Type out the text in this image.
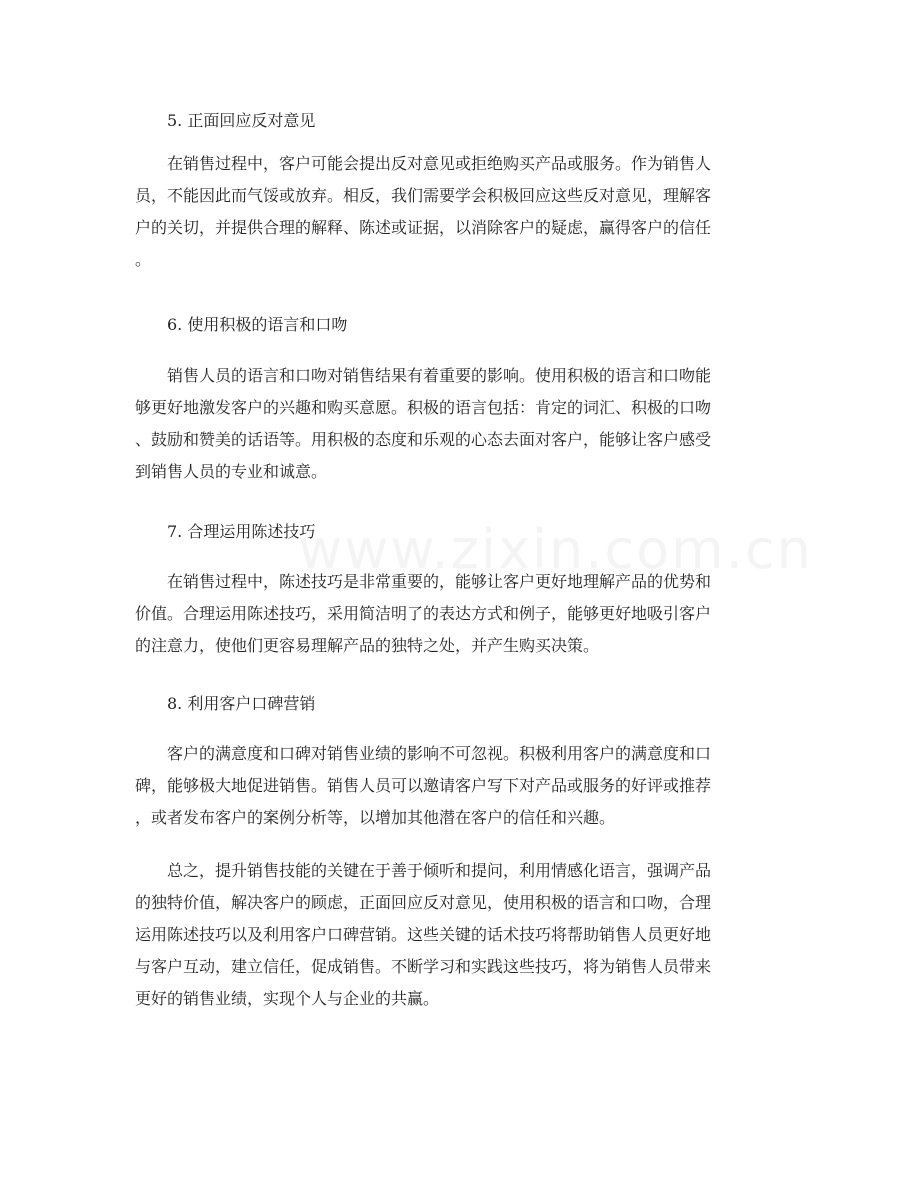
5. 正面回应反对意见
在销售过程中，客户可能会提出反对意见或拒绝购买产品或服务。作为销售人
员，不能因此而气馁或放弃。相反，我们需要学会积极回应这些反对意见，理解客
户的关切，并提供合理的解释、陈述或证据，以消除客户的疑虑，赢得客户的信任
。
6. 使用积极的语言和口吻
销售人员的语言和口吻对销售结果有着重要的影响。使用积极的语言和口吻能
够更好地激发客户的兴趣和购买意愿。积极的语言包括：肯定的词汇、积极的口吻
、鼓励和赞美的话语等。用积极的态度和乐观的心态去面对客户，能够让客户感受
到销售人员的专业和诚意。
7. 合理运用陈述技巧
在销售过程中，陈述技巧是非常重要的，能够让客户更好地理解产品的优势和
价值。合理运用陈述技巧，采用简洁明了的表达方式和例子，能够更好地吸引客户
的注意力，使他们更容易理解产品的独特之处，并产生购买决策。
8. 利用客户口碑营销
客户的满意度和口碑对销售业绩的影响不可忽视。积极利用客户的满意度和口
碑，能够极大地促进销售。销售人员可以邀请客户写下对产品或服务的好评或推荐
，或者发布客户的案例分析等，以增加其他潜在客户的信任和兴趣。
总之，提升销售技能的关键在于善于倾听和提问，利用情感化语言，强调产品
的独特价值，解决客户的顾虑，正面回应反对意见，使用积极的语言和口吻，合理
运用陈述技巧以及利用客户口碑营销。这些关键的话术技巧将帮助销售人员更好地
与客户互动，建立信任，促成销售。不断学习和实践这些技巧，将为销售人员带来
更好的销售业绩，实现个人与企业的共赢。
